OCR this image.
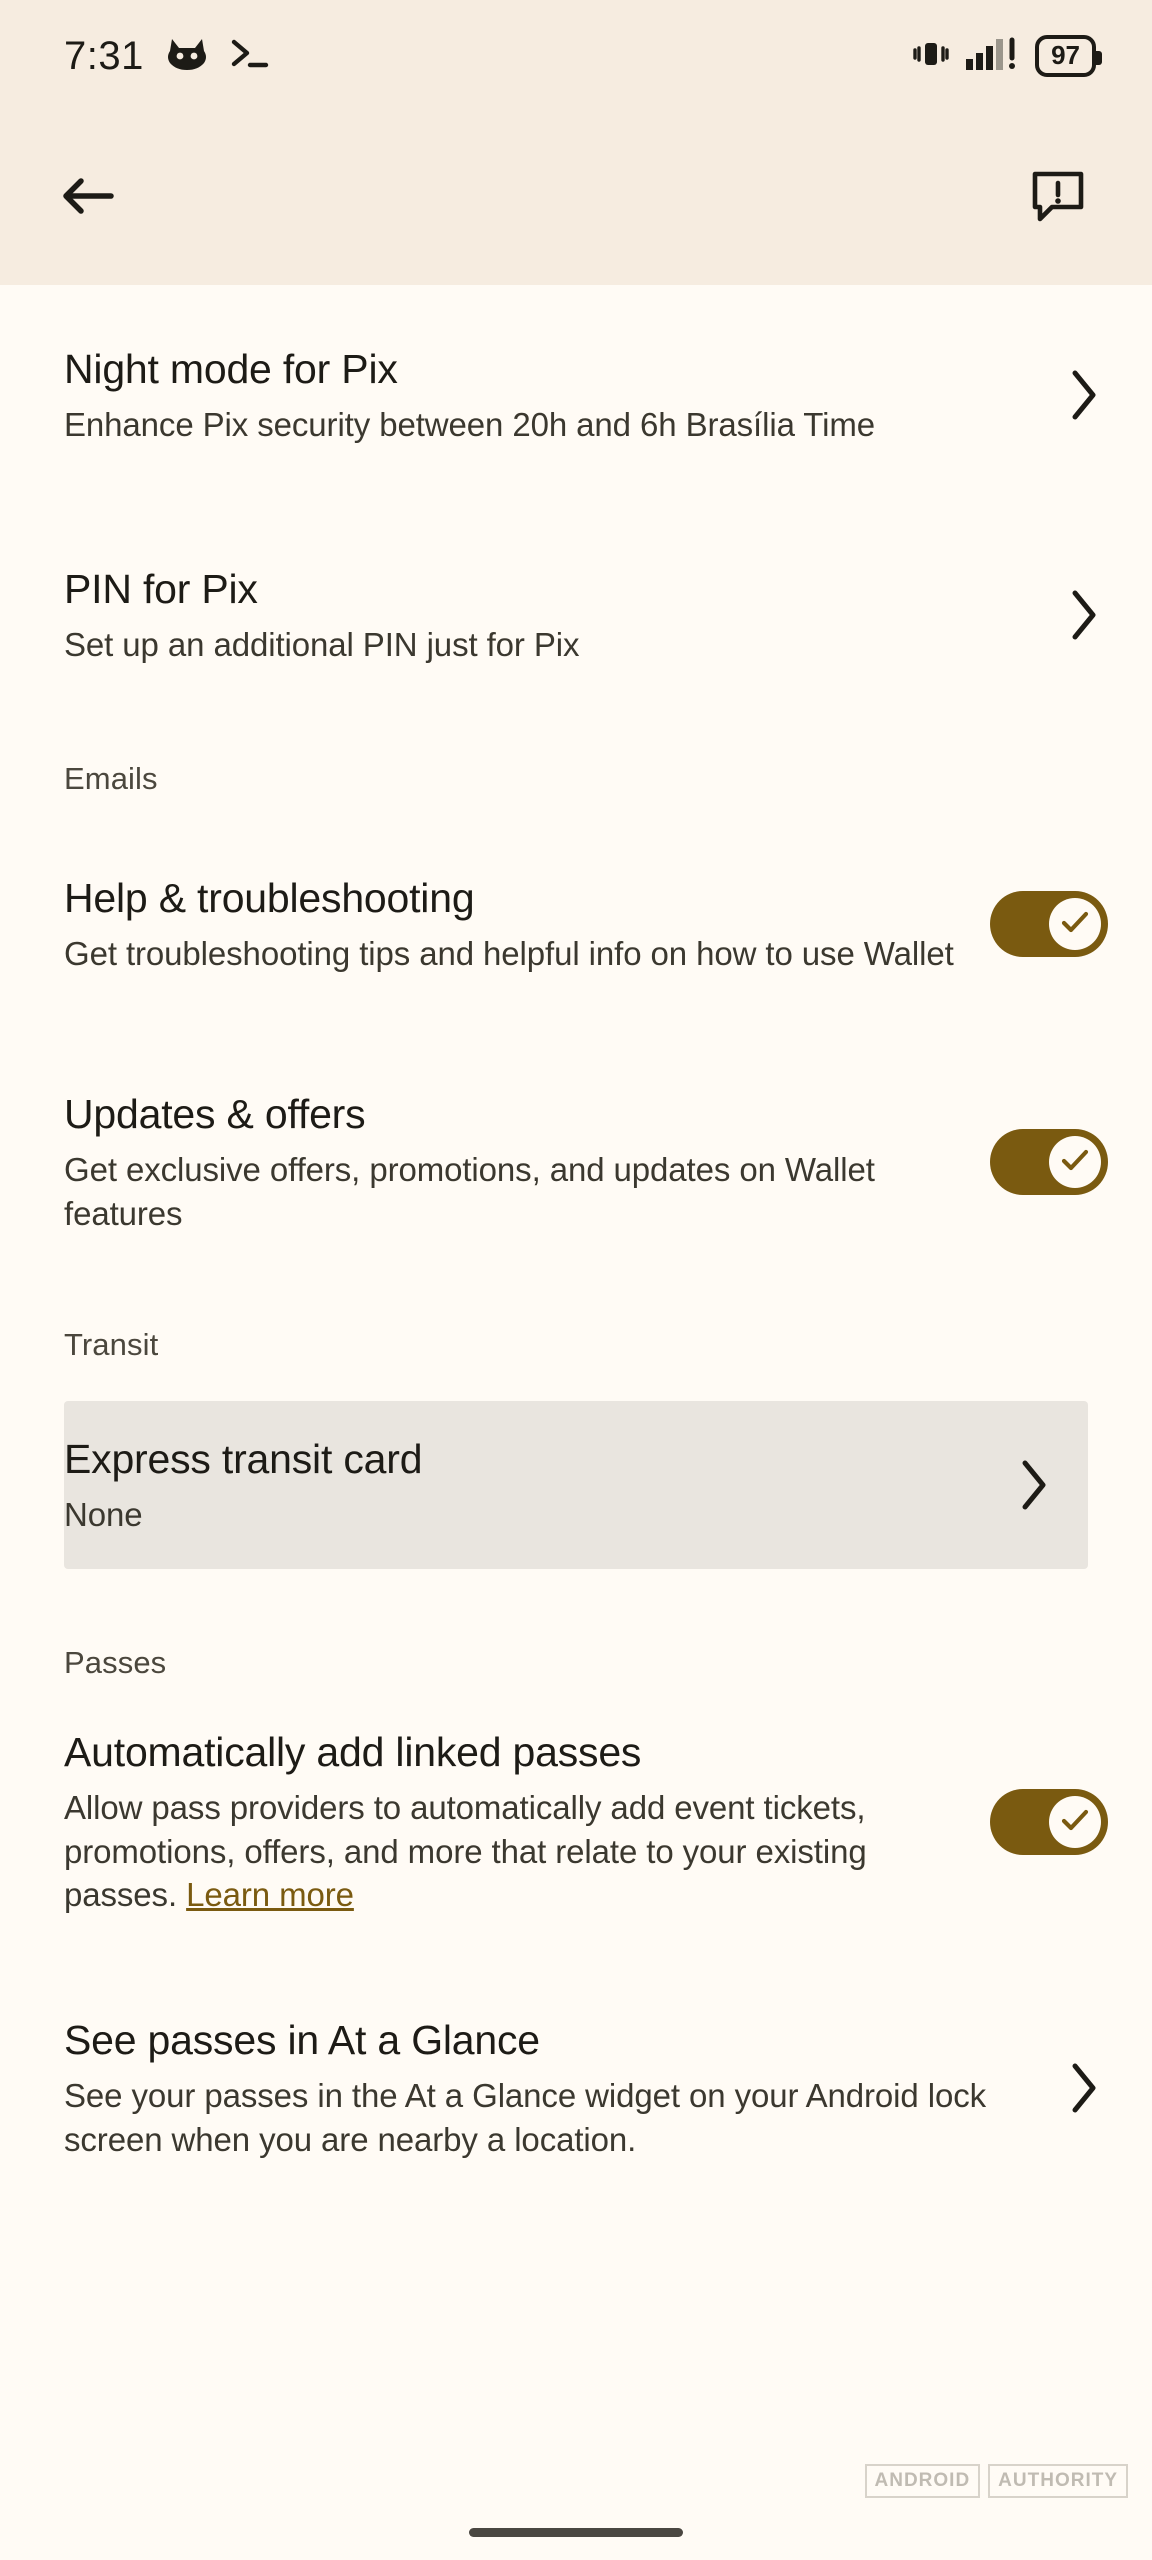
7:31	97
Night mode for Pix
Enhance Pix security between 20h and 6h Brasília Time
PIN for Pix
Set up an additional PIN just for Pix
Emails
Help & troubleshooting
Get troubleshooting tips and helpful info on how to use Wallet
Updates & offers
Get exclusive offers, promotions, and updates on Wallet features
Transit
Express transit card
None
Passes
Automatically add linked passes
Allow pass providers to automatically add event tickets, promotions, offers, and more that relate to your existing passes. Learn more
See passes in At a Glance
See your passes in the At a Glance widget on your Android lock screen when you are nearby a location.
ANDROID	AUTHORITY
